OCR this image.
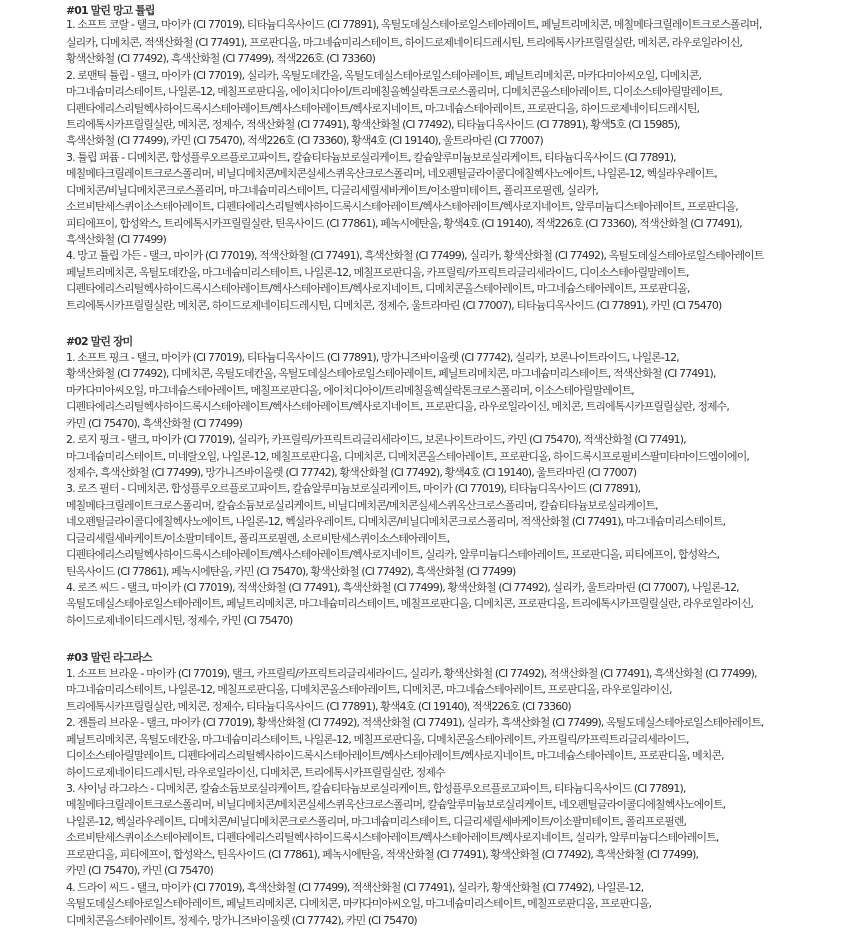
#01 말린 망고 튤립
1. 소프트 코랄 - 탤크, 마이카 (CI 77019), 티타늄디옥사이드 (CI 77891), 옥틸도데실스테아로일스테아레이트, 페닐트리메치콘, 메칠메타크릴레이트크로스폴리머,
실리카, 디메치콘, 적색산화철 (CI 77491), 프로판디올, 마그네슘미리스테이트, 하이드로제네이티드레시틴, 트리에톡시카프릴릴실란, 메치콘, 라우로일라이신,
황색산화철 (CI 77492), 흑색산화철 (CI 77499), 적색226호 (CI 73360)
2. 로맨틱 튤립 - 탤크, 마이카 (CI 77019), 실리카, 옥틸도데칸올, 옥틸도데실스테아로일스테아레이트, 페닐트리메치콘, 마카다미아씨오일, 디메치콘,
마그네슘미리스테이트, 나일론-12, 메칠프로판디올, 에이치디아이/트리메칠올헥실락톤크로스폴리머, 디메치콘올스테아레이트, 디이소스테아릴말레이트,
디펜타에리스리틸헥사하이드록시스테아레이트/헥사스테아레이트/헥사로지네이트, 마그네슘스테아레이트, 프로판디올, 하이드로제네이티드레시틴,
트리에톡시카프릴릴실란, 메치콘, 정제수, 적색산화철 (CI 77491), 황색산화철 (CI 77492), 티타늄디옥사이드 (CI 77891), 황색5호 (CI 15985),
흑색산화철 (CI 77499), 카민 (CI 75470), 적색226호 (CI 73360), 황색4호 (CI 19140), 울트라마린 (CI 77007)
3. 튤립 퍼퓸 - 디메치콘, 합성플루오르플로고파이트, 칼슘티타늄보로실리케이트, 칼슘알루미늄보로실리케이트, 티타늄디옥사이드 (CI 77891),
메칠메타크릴레이트크로스폴리머, 비닐디메치콘/메치콘실세스퀴옥산크로스폴리머, 네오펜틸글라이콜디에칠헥사노에이트, 나일론-12, 헥실라우레이트,
디메치콘/비닐디메치콘크로스폴리머, 마그네슘미리스테이트, 디글리세릴세바케이트/이소팔미테이트, 폴리프로필렌, 실리카,
소르비탄세스퀴이소스테아레이트, 디펜타에리스리틸헥사하이드록시스테아레이트/헥사스테아레이트/헥사로지네이트, 알루미늄디스테아레이트, 프로판디올,
피티에프이, 합성왁스, 트리에톡시카프릴릴실란, 틴옥사이드 (CI 77861), 페녹시에탄올, 황색4호 (CI 19140), 적색226호 (CI 73360), 적색산화철 (CI 77491),
흑색산화철 (CI 77499)
4. 망고 튤립 가든 - 탤크, 마이카 (CI 77019), 적색산화철 (CI 77491), 흑색산화철 (CI 77499), 실리카, 황색산화철 (CI 77492), 옥틸도데실스테아로일스테아레이트
페닐트리메치콘, 옥틸도데칸올, 마그네슘미리스테이트, 나일론-12, 메칠프로판디올, 카프릴릭/카프릭트리글리세라이드, 디이소스테아릴말레이트,
디펜타에리스리틸헥사하이드록시스테아레이트/헥사스테아레이트/헥사로지네이트, 디메치콘올스테아레이트, 마그네슘스테아레이트, 프로판디올,
트리에톡시카프릴릴실란, 메치콘, 하이드로제네이티드레시틴, 디메치콘, 정제수, 울트라마린 (CI 77007), 티타늄디옥사이드 (CI 77891), 카민 (CI 75470)
#02 말린 장미
1. 소프트 핑크 - 탤크, 마이카 (CI 77019), 티타늄디옥사이드 (CI 77891), 망가니즈바이올렛 (CI 77742), 실리카, 보론나이트라이드, 나일론-12,
황색산화철 (CI 77492), 디메치콘, 옥틸도데칸올, 옥틸도데실스테아로일스테아레이트, 페닐트리메치콘, 마그네슘미리스테이트, 적색산화철 (CI 77491),
마카다미아씨오일, 마그네슘스테아레이트, 메칠프로판디올, 에이치디아이/트리메칠올헥실락톤크로스폴리머, 이소스테아릴말레이트,
디펜타에리스리틸헥사하이드록시스테아레이트/헥사스테아레이트/헥사로지네이트, 프로판디올, 라우로일라이신, 메치콘, 트리에톡시카프릴릴실란, 정제수,
카민 (CI 75470), 흑색산화철 (CI 77499)
2. 로지 핑크 - 탤크, 마이카 (CI 77019), 실리카, 카프릴릭/카프릭트리글리세라이드, 보론나이트라이드, 카민 (CI 75470), 적색산화철 (CI 77491),
마그네슘미리스테이트, 미네랄오일, 나일론-12, 메칠프로판디올, 디메치콘, 디메치콘올스테아레이트, 프로판디올, 하이드록시프로필비스팔미타마이드엠이에이,
정제수, 흑색산화철 (CI 77499), 망가니즈바이올렛 (CI 77742), 황색산화철 (CI 77492), 황색4호 (CI 19140), 울트라마린 (CI 77007)
3. 로즈 필터 - 디메치콘, 합성플루오르플로고파이트, 칼슘알루미늄보로실리케이트, 마이카 (CI 77019), 티타늄디옥사이드 (CI 77891),
메칠메타크릴레이트크로스폴리머, 칼슘소듐보로실리케이트, 비닐디메치콘/메치콘실세스퀴옥산크로스폴리머, 칼슘티타늄보로실리케이트,
네오펜틸글라이콜디에칠헥사노에이트, 나일론-12, 헥실라우레이트, 디메치콘/비닐디메치콘크로스폴리머, 적색산화철 (CI 77491), 마그네슘미리스테이트,
디글리세릴세바케이트/이소팔미테이트, 폴리프로필렌, 소르비탄세스퀴이소스테아레이트,
디펜타에리스리틸헥사하이드록시스테아레이트/헥사스테아레이트/헥사로지네이트, 실리카, 알루미늄디스테아레이트, 프로판디올, 피티에프이, 합성왁스,
틴옥사이드 (CI 77861), 페녹시에탄올, 카민 (CI 75470), 황색산화철 (CI 77492), 흑색산화철 (CI 77499)
4. 로즈 씨드 - 탤크, 마이카 (CI 77019), 적색산화철 (CI 77491), 흑색산화철 (CI 77499), 황색산화철 (CI 77492), 실리카, 울트라마린 (CI 77007), 나일론-12,
옥틸도데실스테아로일스테아레이트, 페닐트리메치콘, 마그네슘미리스테이트, 메칠프로판디올, 디메치콘, 프로판디올, 트리에톡시카프릴릴실란, 라우로일라이신,
하이드로제네이티드레시틴, 정제수, 카민 (CI 75470)
#03 말린 라그라스
1. 소프트 브라운 - 마이카 (CI 77019), 탤크, 카프릴릭/카프릭트리글리세라이드, 실리카, 황색산화철 (CI 77492), 적색산화철 (CI 77491), 흑색산화철 (CI 77499),
마그네슘미리스테이트, 나일론-12, 메칠프로판디올, 디메치콘올스테아레이트, 디메치콘, 마그네슘스테아레이트, 프로판디올, 라우로일라이신,
트리에톡시카프릴릴실란, 메치콘, 정제수, 티타늄디옥사이드 (CI 77891), 황색4호 (CI 19140), 적색226호 (CI 73360)
2. 젠틀리 브라운 - 탤크, 마이카 (CI 77019), 황색산화철 (CI 77492), 적색산화철 (CI 77491), 실리카, 흑색산화철 (CI 77499), 옥틸도데실스테아로일스테아레이트,
페닐트리메치콘, 옥틸도데칸올, 마그네슘미리스테이트, 나일론-12, 메칠프로판디올, 디메치콘올스테아레이트, 카프릴릭/카프릭트리글리세라이드,
디이소스테아릴말레이트, 디펜타에리스리틸헥사하이드록시스테아레이트/헥사스테아레이트/헥사로지네이트, 마그네슘스테아레이트, 프로판디올, 메치콘,
하이드로제네이티드레시틴, 라우로일라이신, 디메치콘, 트리에톡시카프릴릴실란, 정제수
3. 샤이닝 라그라스 - 디메치콘, 칼슘소듐보로실리케이트, 칼슘티타늄보로실리케이트, 합성플루오르플로고파이트, 티타늄디옥사이드 (CI 77891),
메칠메타크릴레이트크로스폴리머, 비닐디메치콘/메치콘실세스퀴옥산크로스폴리머, 칼슘알루미늄보로실리케이트, 네오펜틸글라이콜디에칠헥사노에이트,
나일론-12, 헥실라우레이트, 디메치콘/비닐디메치콘크로스폴리머, 마그네슘미리스테이트, 디글리세릴세바케이트/이소팔미테이트, 폴리프로필렌,
소르비탄세스퀴이소스테아레이트, 디펜타에리스리틸헥사하이드록시스테아레이트/헥사스테아레이트/헥사로지네이트, 실리카, 알루미늄디스테아레이트,
프로판디올, 피티에프이, 합성왁스, 틴옥사이드 (CI 77861), 페녹시에탄올, 적색산화철 (CI 77491), 황색산화철 (CI 77492), 흑색산화철 (CI 77499),
카민 (CI 75470), 카민 (CI 75470)
4. 드라이 씨드 - 탤크, 마이카 (CI 77019), 흑색산화철 (CI 77499), 적색산화철 (CI 77491), 실리카, 황색산화철 (CI 77492), 나일론-12,
옥틸도데실스테아로일스테아레이트, 페닐트리메치콘, 디메치콘, 마카다미아씨오일, 마그네슘미리스테이트, 메칠프로판디올, 프로판디올,
디메치콘올스테아레이트, 정제수, 망가니즈바이올렛 (CI 77742), 카민 (CI 75470)
